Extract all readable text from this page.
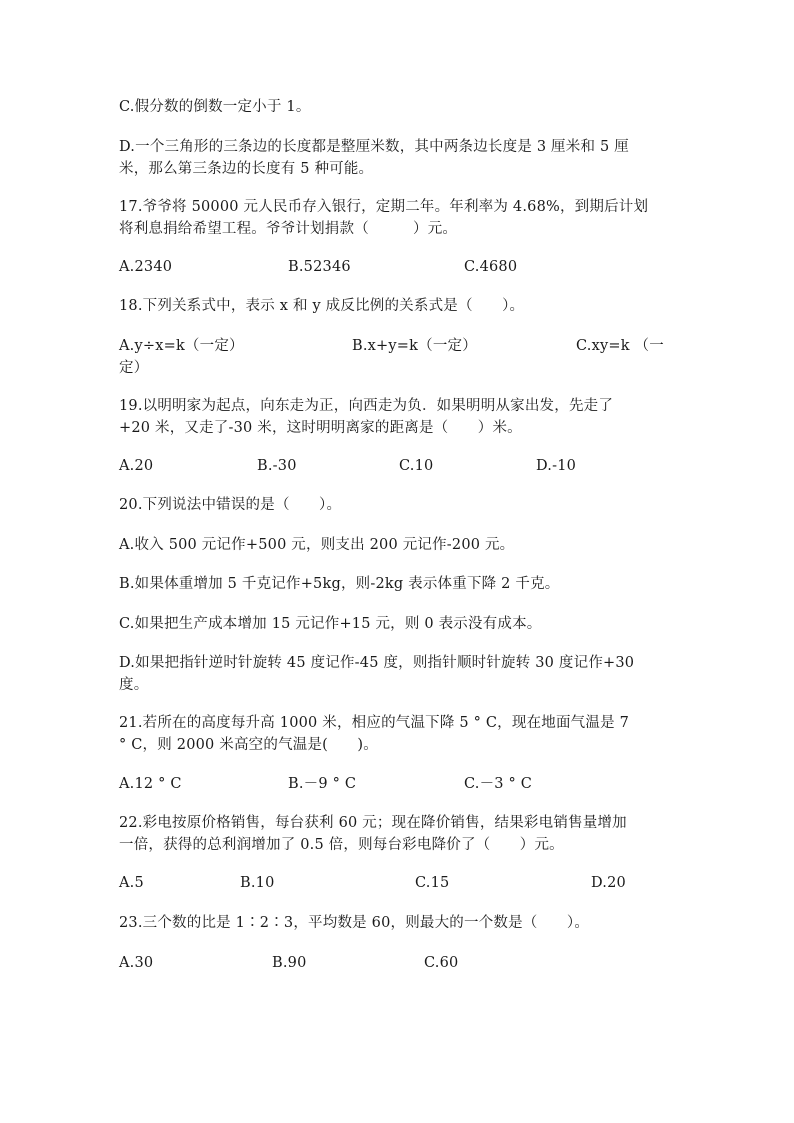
C.假分数的倒数一定小于 1。
D.一个三角形的三条边的长度都是整厘米数，其中两条边长度是 3 厘米和 5 厘
米，那么第三条边的长度有 5 种可能。
17.爷爷将 50000 元人民币存入银行，定期二年。年利率为 4.68%，到期后计划
将利息捐给希望工程。爷爷计划捐款（　　　）元。
A.2340	B.52346	C.4680
18.下列关系式中，表示 x 和 y 成反比例的关系式是（　　）。
A.y÷x=k（一定）	B.x+y=k（一定）	C.xy=k （一
定）
19.以明明家为起点，向东走为正，向西走为负．如果明明从家出发，先走了
+20 米，又走了-30 米，这时明明离家的距离是（　　）米。
A.20	B.-30	C.10	D.-10
20.下列说法中错误的是（　　）。
A.收入 500 元记作+500 元，则支出 200 元记作-200 元。
B.如果体重增加 5 千克记作+5kg，则-2kg 表示体重下降 2 千克。
C.如果把生产成本增加 15 元记作+15 元，则 0 表示没有成本。
D.如果把指针逆时针旋转 45 度记作-45 度，则指针顺时针旋转 30 度记作+30
度。
21.若所在的高度每升高 1000 米，相应的气温下降 5 ° C，现在地面气温是 7
° C，则 2000 米高空的气温是(　　)。
A.12 ° C	B.－9 ° C	C.－3 ° C
22.彩电按原价格销售，每台获利 60 元；现在降价销售，结果彩电销售量增加
一倍，获得的总利润增加了 0.5 倍，则每台彩电降价了（　　）元。
A.5	B.10	C.15	D.20
23.三个数的比是 1∶2∶3，平均数是 60，则最大的一个数是（　　）。
A.30	B.90	C.60
